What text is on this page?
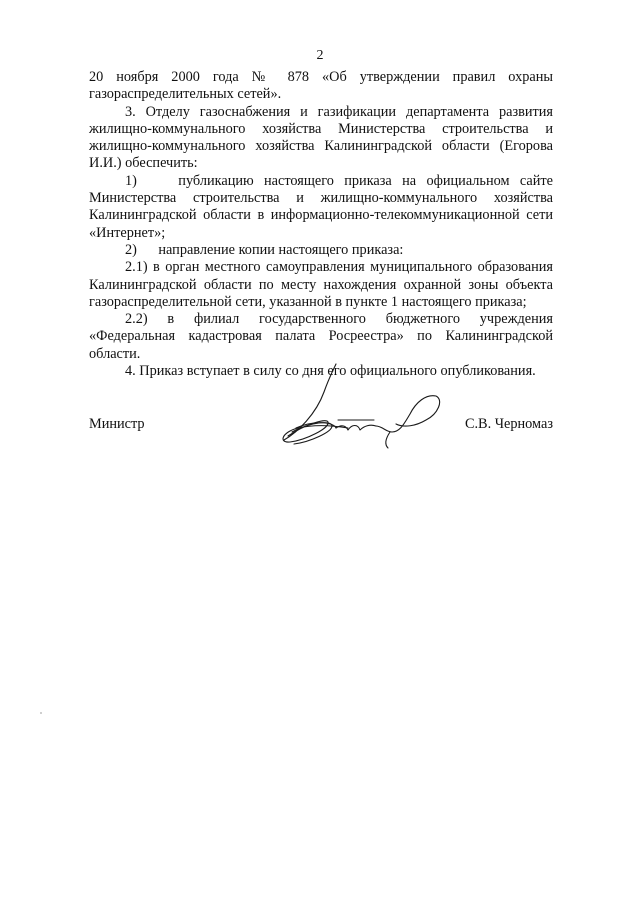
2

20 ноября 2000 года № 878 «Об утверждении правил охраны газораспределительных сетей».

3. Отделу газоснабжения и газификации департамента развития жилищно-коммунального хозяйства Министерства строительства и жилищно-коммунального хозяйства Калининградской области (Егорова И.И.) обеспечить:

1)    публикацию настоящего приказа на официальном сайте Министерства строительства и жилищно-коммунального хозяйства Калининградской области в информационно-телекоммуникационной сети «Интернет»;

2)      направление копии настоящего приказа:

2.1) в орган местного самоуправления муниципального образования Калининградской области по месту нахождения охранной зоны объекта газораспределительной сети, указанной в пункте 1 настоящего приказа;

2.2) в филиал государственного бюджетного учреждения «Федеральная кадастровая палата Росреестра» по Калининградской области.

4. Приказ вступает в силу со дня его официального опубликования.

Министр	С.В. Черномаз
